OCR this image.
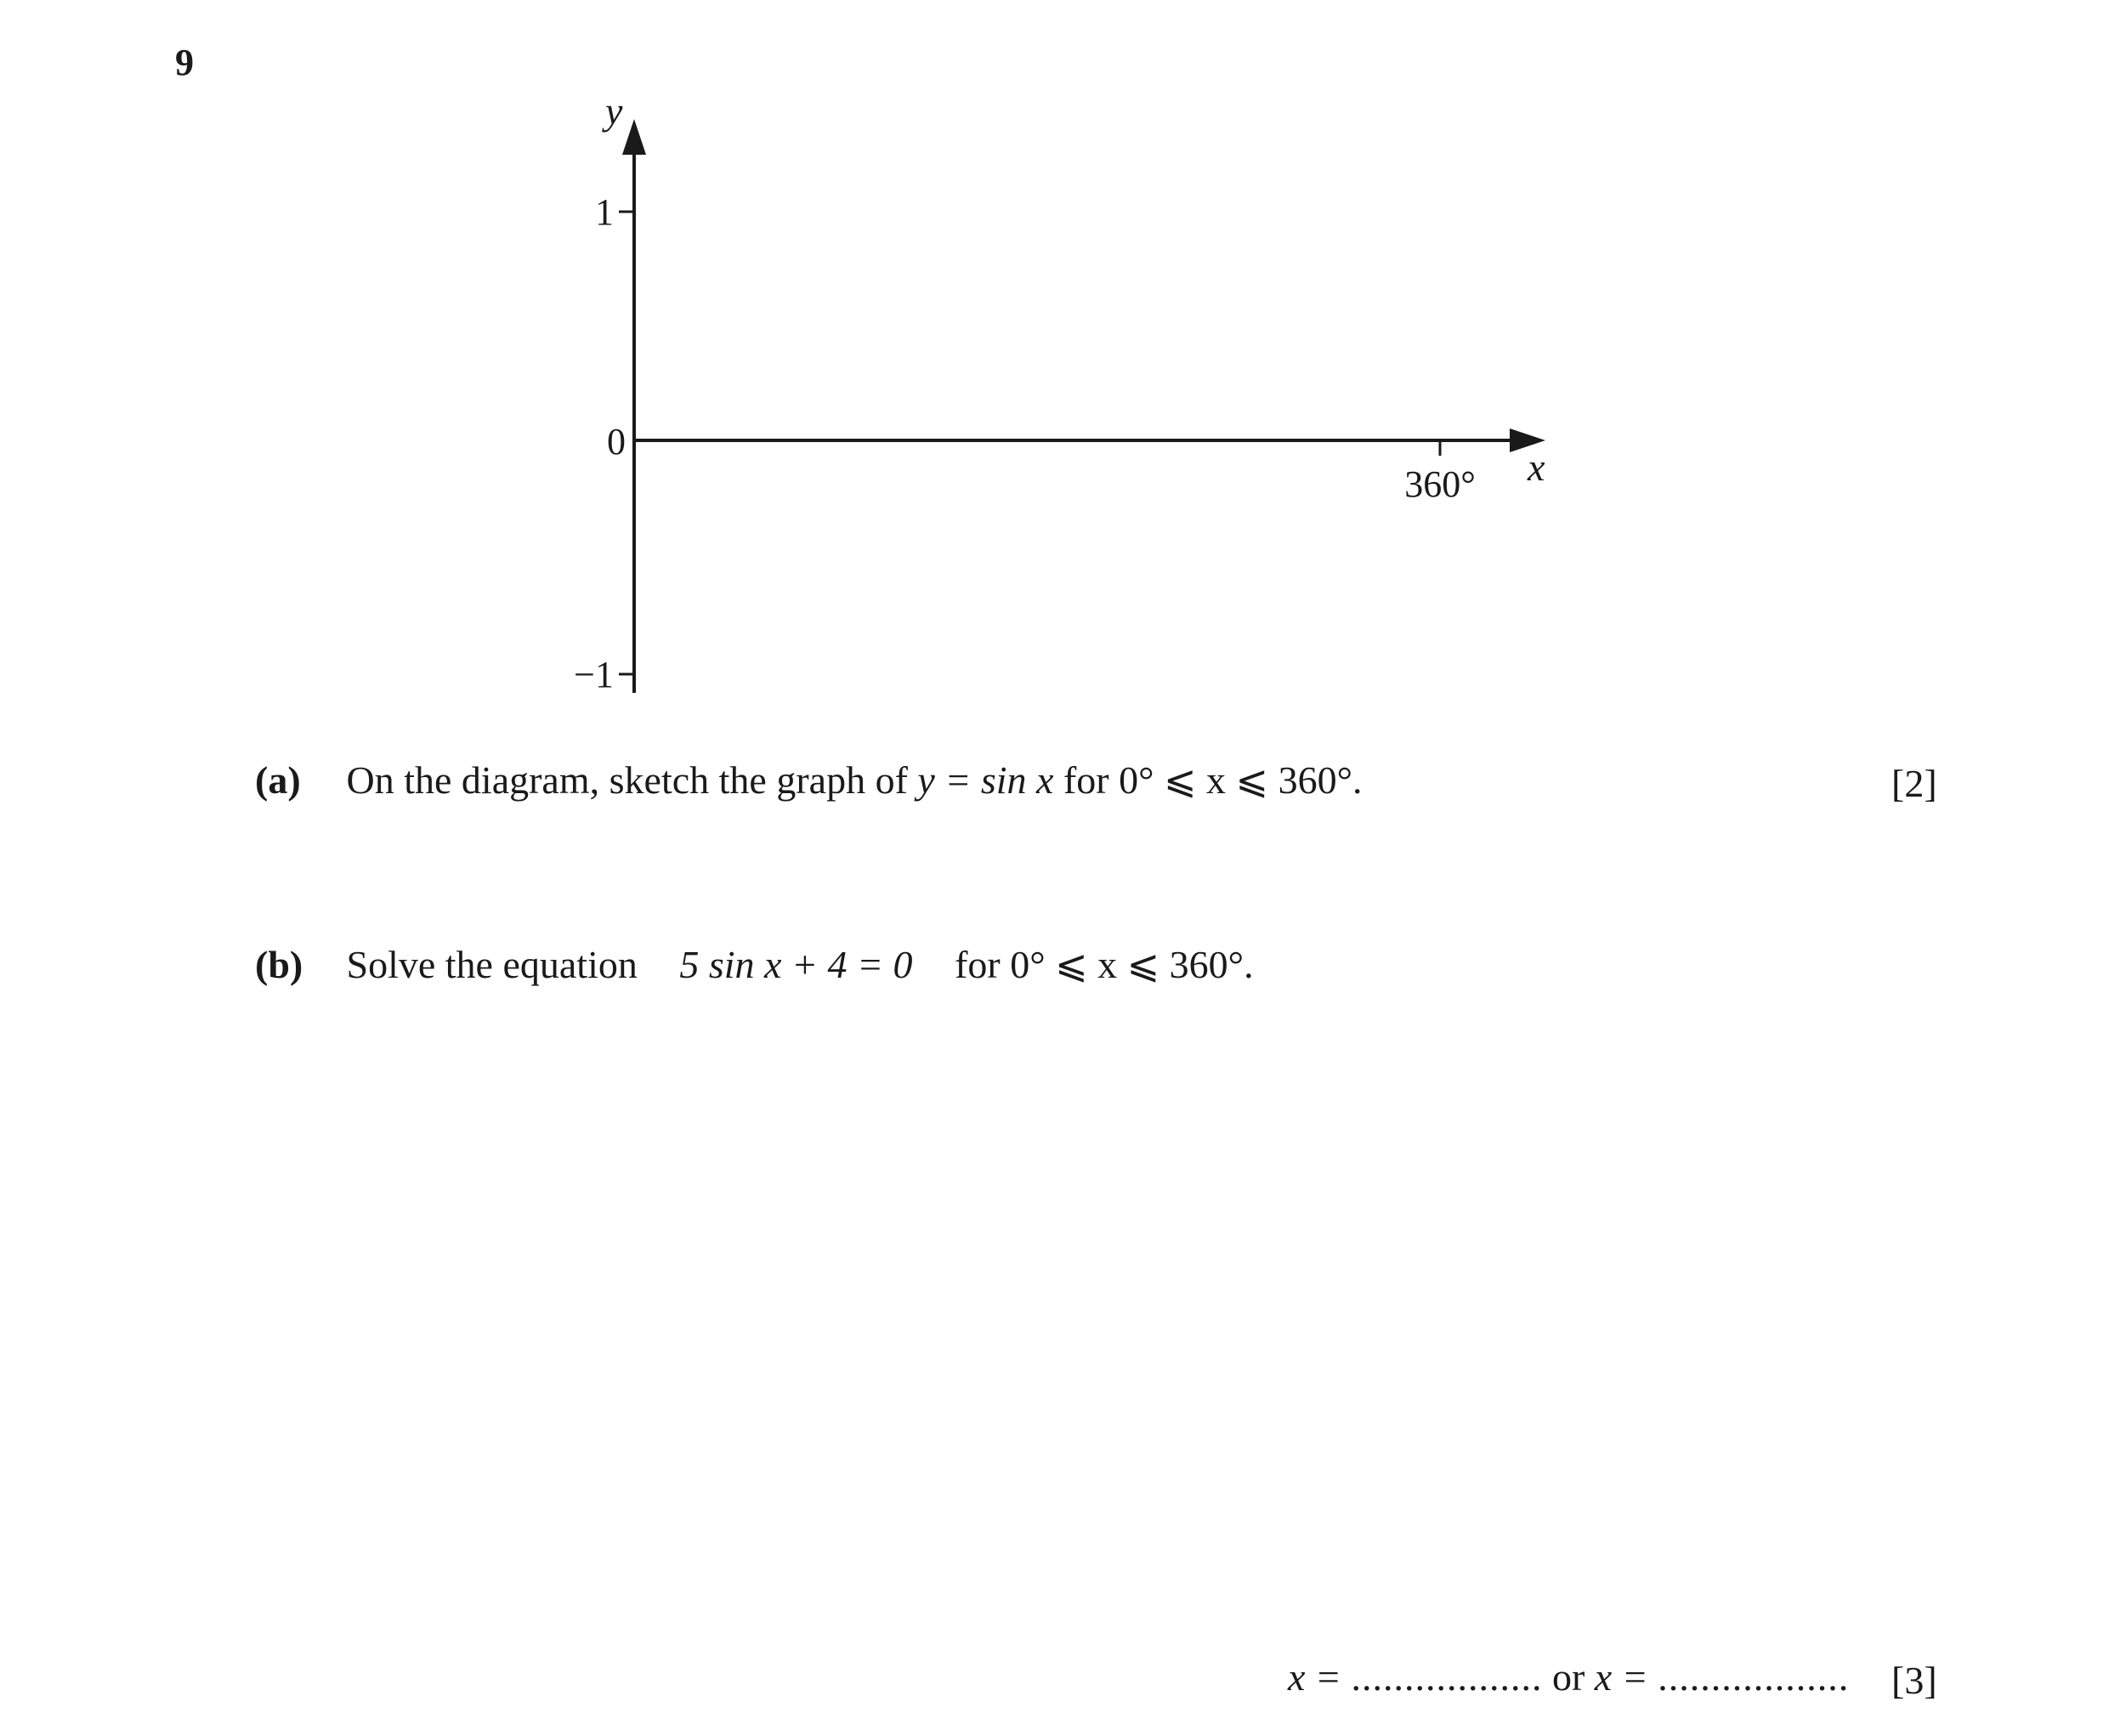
9
y
x
1
0
−1
360°
(a) On the diagram, sketch the graph of y = sin x for 0° ⩽ x ⩽ 360°.	[2]
(b) Solve the equation 5 sin x + 4 = 0 for 0° ⩽ x ⩽ 360°.
x = .................. or x = .................. [3]
